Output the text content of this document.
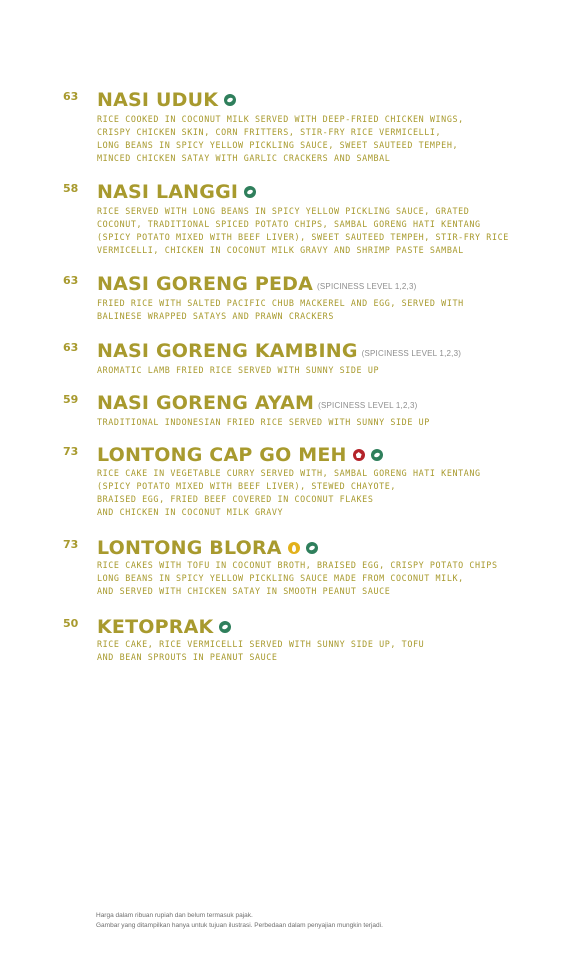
63 NASI UDUK
RICE COOKED IN COCONUT MILK SERVED WITH DEEP-FRIED CHICKEN WINGS,
CRISPY CHICKEN SKIN, CORN FRITTERS, STIR-FRY RICE VERMICELLI,
LONG BEANS IN SPICY YELLOW PICKLING SAUCE, SWEET SAUTEED TEMPEH,
MINCED CHICKEN SATAY WITH GARLIC CRACKERS AND SAMBAL
58 NASI LANGGI
RICE SERVED WITH LONG BEANS IN SPICY YELLOW PICKLING SAUCE, GRATED
COCONUT, TRADITIONAL SPICED POTATO CHIPS, SAMBAL GORENG HATI KENTANG
(SPICY POTATO MIXED WITH BEEF LIVER), SWEET SAUTEED TEMPEH, STIR-FRY RICE
VERMICELLI, CHICKEN IN COCONUT MILK GRAVY AND SHRIMP PASTE SAMBAL
63 NASI GORENG PEDA (SPICINESS LEVEL 1,2,3)
FRIED RICE WITH SALTED PACIFIC CHUB MACKEREL AND EGG, SERVED WITH
BALINESE WRAPPED SATAYS AND PRAWN CRACKERS
63 NASI GORENG KAMBING (SPICINESS LEVEL 1,2,3)
AROMATIC LAMB FRIED RICE SERVED WITH SUNNY SIDE UP
59 NASI GORENG AYAM (SPICINESS LEVEL 1,2,3)
TRADITIONAL INDONESIAN FRIED RICE SERVED WITH SUNNY SIDE UP
73 LONTONG CAP GO MEH
RICE CAKE IN VEGETABLE CURRY SERVED WITH, SAMBAL GORENG HATI KENTANG
(SPICY POTATO MIXED WITH BEEF LIVER), STEWED CHAYOTE,
BRAISED EGG, FRIED BEEF COVERED IN COCONUT FLAKES
AND CHICKEN IN COCONUT MILK GRAVY
73 LONTONG BLORA
RICE CAKES WITH TOFU IN COCONUT BROTH, BRAISED EGG, CRISPY POTATO CHIPS
LONG BEANS IN SPICY YELLOW PICKLING SAUCE MADE FROM COCONUT MILK,
AND SERVED WITH CHICKEN SATAY IN SMOOTH PEANUT SAUCE
50 KETOPRAK
RICE CAKE, RICE VERMICELLI SERVED WITH SUNNY SIDE UP, TOFU
AND BEAN SPROUTS IN PEANUT SAUCE
Harga dalam ribuan rupiah dan belum termasuk pajak.
Gambar yang ditampilkan hanya untuk tujuan ilustrasi. Perbedaan dalam penyajian mungkin terjadi.
